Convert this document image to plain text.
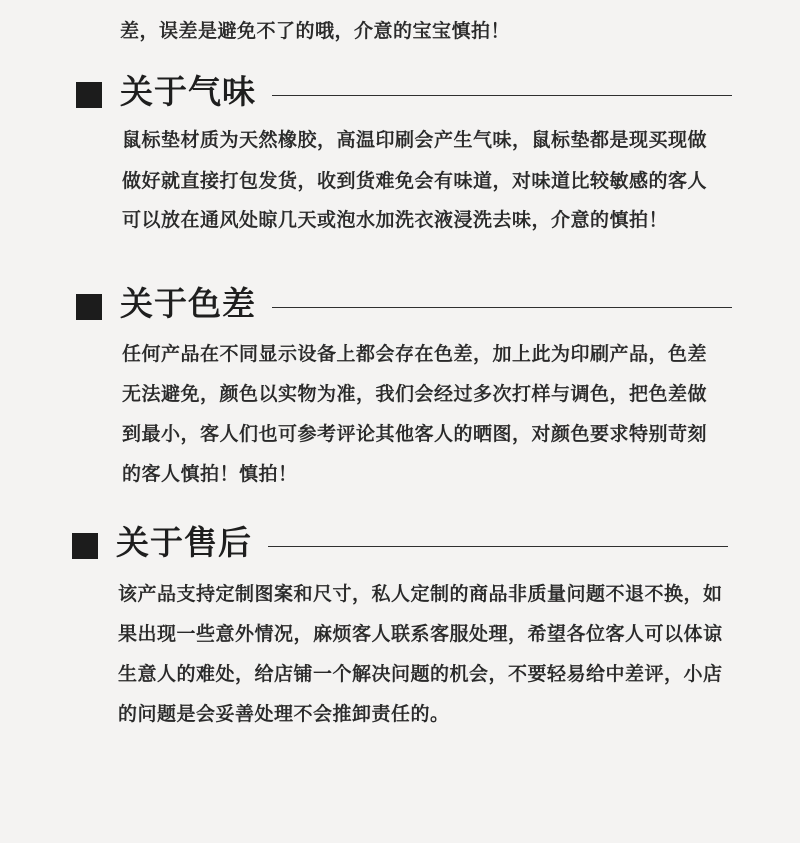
差，误差是避免不了的哦，介意的宝宝慎拍！
关于气味
鼠标垫材质为天然橡胶，高温印刷会产生气味，鼠标垫都是现买现做
做好就直接打包发货，收到货难免会有味道，对味道比较敏感的客人
可以放在通风处晾几天或泡水加洗衣液浸洗去味，介意的慎拍！
关于色差
任何产品在不同显示设备上都会存在色差，加上此为印刷产品，色差
无法避免，颜色以实物为准，我们会经过多次打样与调色，把色差做
到最小，客人们也可参考评论其他客人的晒图，对颜色要求特别苛刻
的客人慎拍！慎拍！
关于售后
该产品支持定制图案和尺寸，私人定制的商品非质量问题不退不换，如
果出现一些意外情况，麻烦客人联系客服处理，希望各位客人可以体谅
生意人的难处，给店铺一个解决问题的机会，不要轻易给中差评，小店
的问题是会妥善处理不会推卸责任的。
